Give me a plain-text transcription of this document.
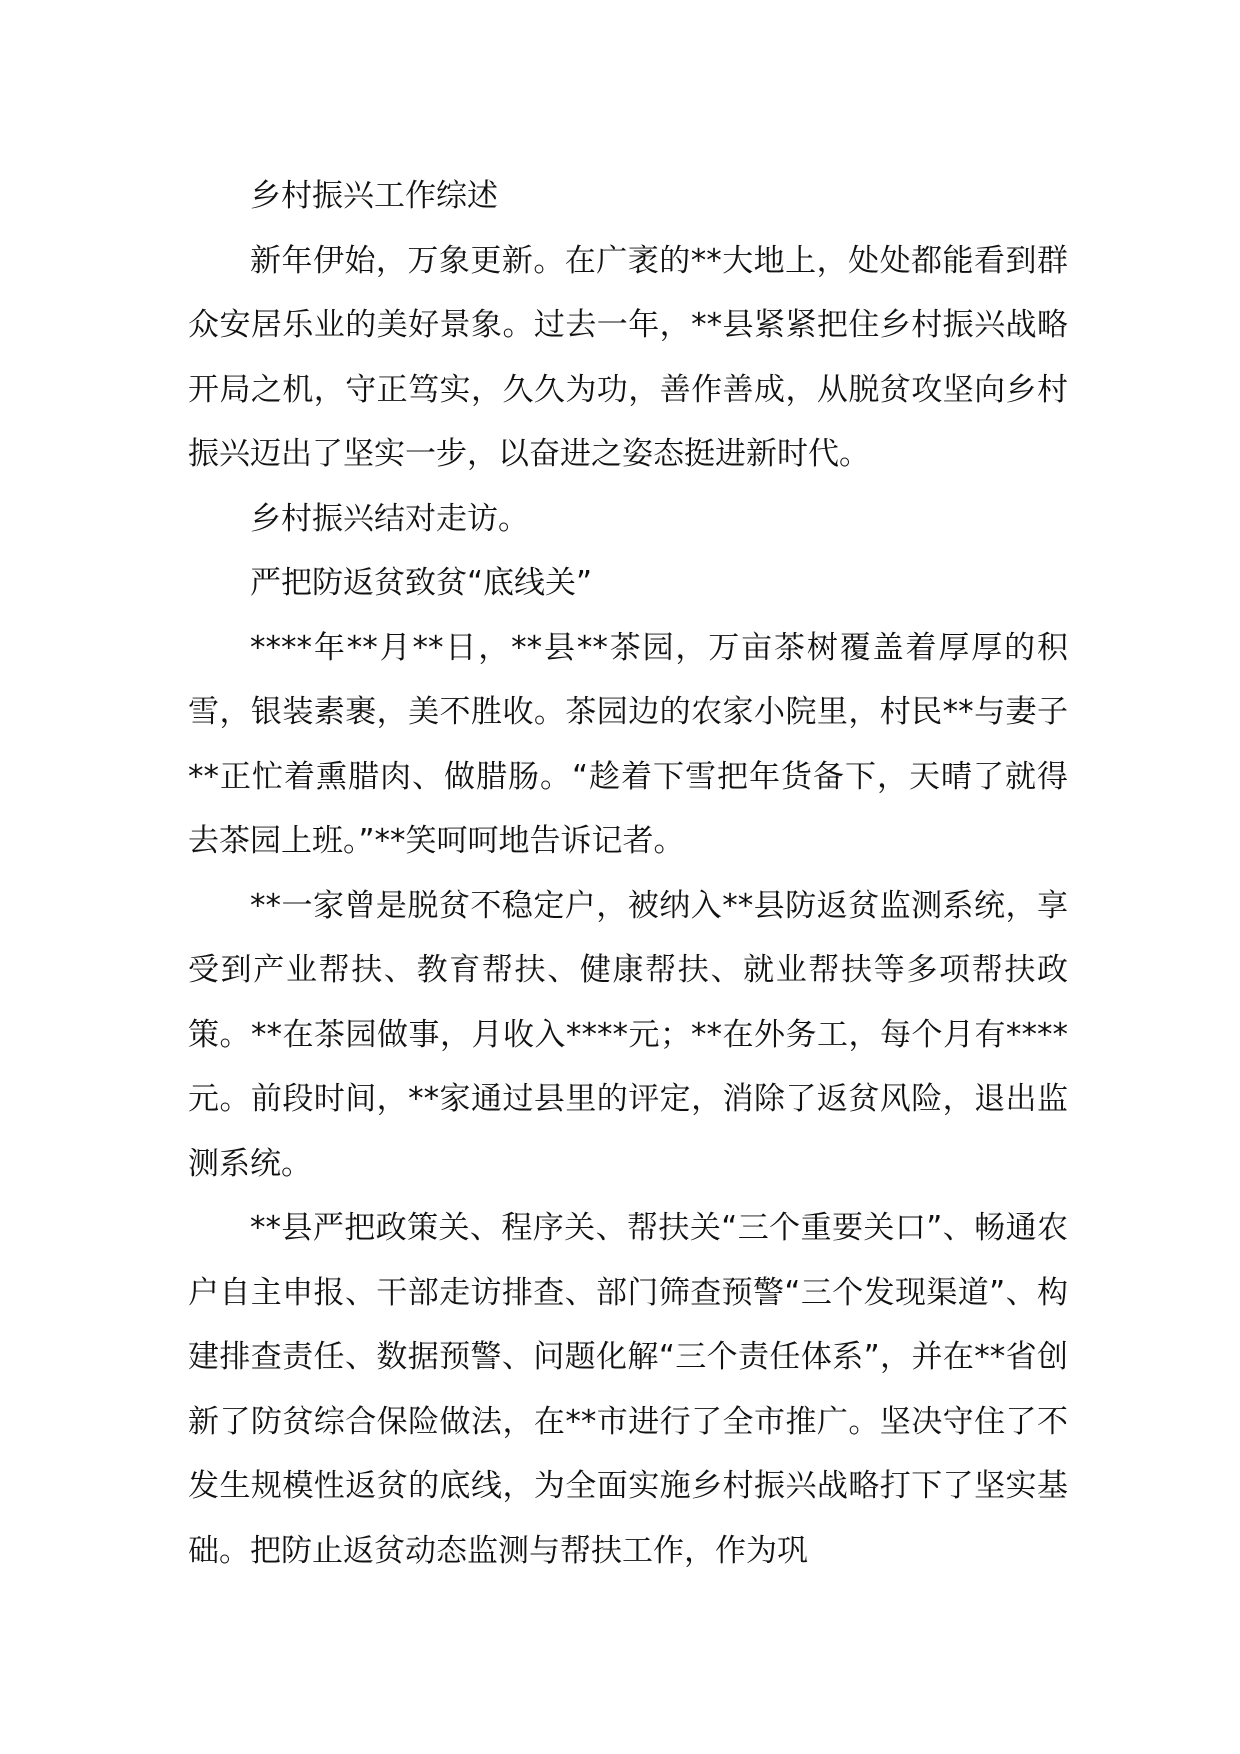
乡村振兴工作综述

新年伊始，万象更新。在广袤的**大地上，处处都能看到群众安居乐业的美好景象。过去一年，**县紧紧把住乡村振兴战略开局之机，守正笃实，久久为功，善作善成，从脱贫攻坚向乡村振兴迈出了坚实一步，以奋进之姿态挺进新时代。

乡村振兴结对走访。

严把防返贫致贫“底线关”

****年**月**日，**县**茶园，万亩茶树覆盖着厚厚的积雪，银装素裹，美不胜收。茶园边的农家小院里，村民**与妻子**正忙着熏腊肉、做腊肠。“趁着下雪把年货备下，天晴了就得去茶园上班。”**笑呵呵地告诉记者。

**一家曾是脱贫不稳定户，被纳入**县防返贫监测系统，享受到产业帮扶、教育帮扶、健康帮扶、就业帮扶等多项帮扶政策。**在茶园做事，月收入****元；**在外务工，每个月有****元。前段时间，**家通过县里的评定，消除了返贫风险，退出监测系统。

**县严把政策关、程序关、帮扶关“三个重要关口”、畅通农户自主申报、干部走访排查、部门筛查预警“三个发现渠道”、构建排查责任、数据预警、问题化解“三个责任体系”，并在**省创新了防贫综合保险做法，在**市进行了全市推广。坚决守住了不发生规模性返贫的底线，为全面实施乡村振兴战略打下了坚实基础。把防止返贫动态监测与帮扶工作，作为巩
